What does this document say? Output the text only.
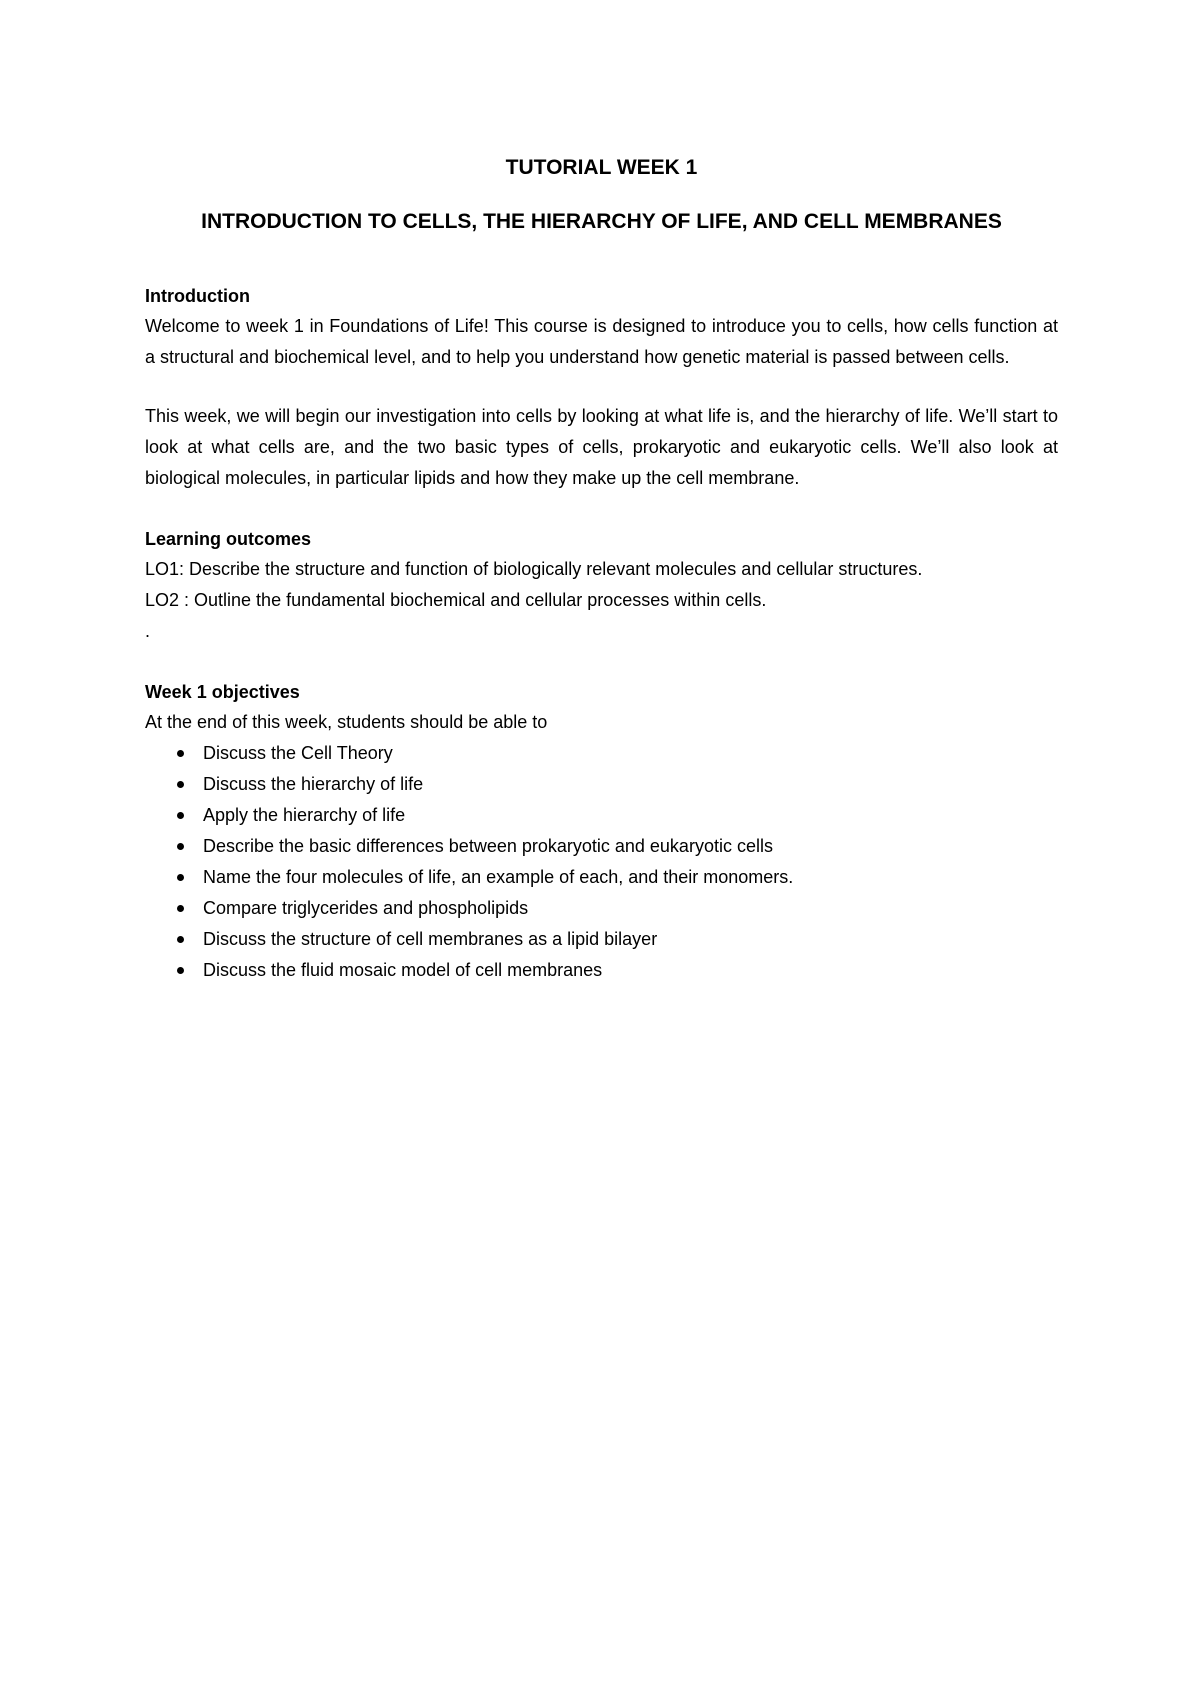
TUTORIAL WEEK 1

INTRODUCTION TO CELLS, THE HIERARCHY OF LIFE, AND CELL MEMBRANES

Introduction

Welcome to week 1 in Foundations of Life! This course is designed to introduce you to cells, how cells function at a structural and biochemical level, and to help you understand how genetic material is passed between cells.

This week, we will begin our investigation into cells by looking at what life is, and the hierarchy of life. We’ll start to look at what cells are, and the two basic types of cells, prokaryotic and eukaryotic cells. We’ll also look at biological molecules, in particular lipids and how they make up the cell membrane.

Learning outcomes

LO1: Describe the structure and function of biologically relevant molecules and cellular structures.

LO2 : Outline the fundamental biochemical and cellular processes within cells.

.

Week 1 objectives

At the end of this week, students should be able to

Discuss the Cell Theory
Discuss the hierarchy of life
Apply the hierarchy of life
Describe the basic differences between prokaryotic and eukaryotic cells
Name the four molecules of life, an example of each, and their monomers.
Compare triglycerides and phospholipids
Discuss the structure of cell membranes as a lipid bilayer
Discuss the fluid mosaic model of cell membranes
